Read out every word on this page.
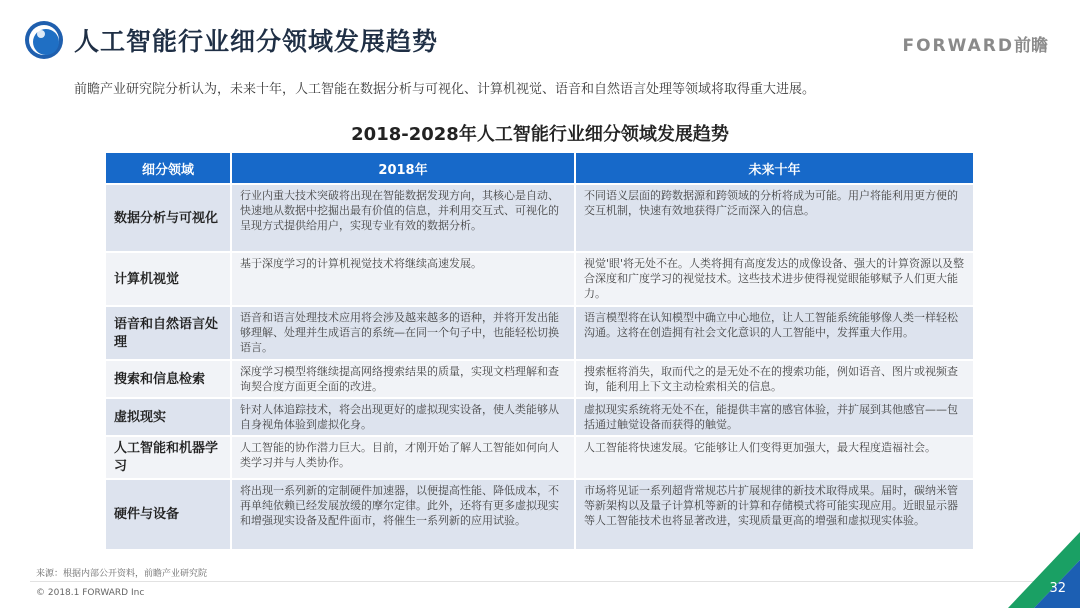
人工智能行业细分领域发展趋势	FORWARD前瞻
前瞻产业研究院分析认为，未来十年，人工智能在数据分析与可视化、计算机视觉、语音和自然语言处理等领域将取得重大进展。
2018-2028年人工智能行业细分领域发展趋势
细分领域	2018年	未来十年
数据分析与可视化	行业内重大技术突破将出现在智能数据发现方向，其核心是自动、快速地从数据中挖掘出最有价值的信息，并利用交互式、可视化的呈现方式提供给用户，实现专业有效的数据分析。	不同语义层面的跨数据源和跨领域的分析将成为可能。用户将能利用更方便的交互机制，快速有效地获得广泛而深入的信息。
计算机视觉	基于深度学习的计算机视觉技术将继续高速发展。	视觉'眼'将无处不在。人类将拥有高度发达的成像设备、强大的计算资源以及整合深度和广度学习的视觉技术。这些技术进步使得视觉眼能够赋予人们更大能力。
语音和自然语言处理	语音和语言处理技术应用将会涉及越来越多的语种，并将开发出能够理解、处理并生成语言的系统—在同一个句子中，也能轻松切换语言。	语言模型将在认知模型中确立中心地位，让人工智能系统能够像人类一样轻松沟通。这将在创造拥有社会文化意识的人工智能中，发挥重大作用。
搜索和信息检索	深度学习模型将继续提高网络搜索结果的质量，实现文档理解和查询契合度方面更全面的改进。	搜索框将消失，取而代之的是无处不在的搜索功能，例如语音、图片或视频查询，能利用上下文主动检索相关的信息。
虚拟现实	针对人体追踪技术，将会出现更好的虚拟现实设备，使人类能够从自身视角体验到虚拟化身。	虚拟现实系统将无处不在，能提供丰富的感官体验，并扩展到其他感官——包括通过触觉设备而获得的触觉。
人工智能和机器学习	人工智能的协作潜力巨大。目前，才刚开始了解人工智能如何向人类学习并与人类协作。	人工智能将快速发展。它能够让人们变得更加强大，最大程度造福社会。
硬件与设备	将出现一系列新的定制硬件加速器，以便提高性能、降低成本，不再单纯依赖已经发展放缓的摩尔定律。此外，还将有更多虚拟现实和增强现实设备及配件面市，将催生一系列新的应用试验。	市场将见证一系列超背常规芯片扩展规律的新技术取得成果。届时，碳纳米管等新架构以及量子计算机等新的计算和存储模式将可能实现应用。近眼显示器等人工智能技术也将显著改进，实现质量更高的增强和虚拟现实体验。
来源：根据内部公开资料，前瞻产业研究院
© 2018.1 FORWARD Inc	32
